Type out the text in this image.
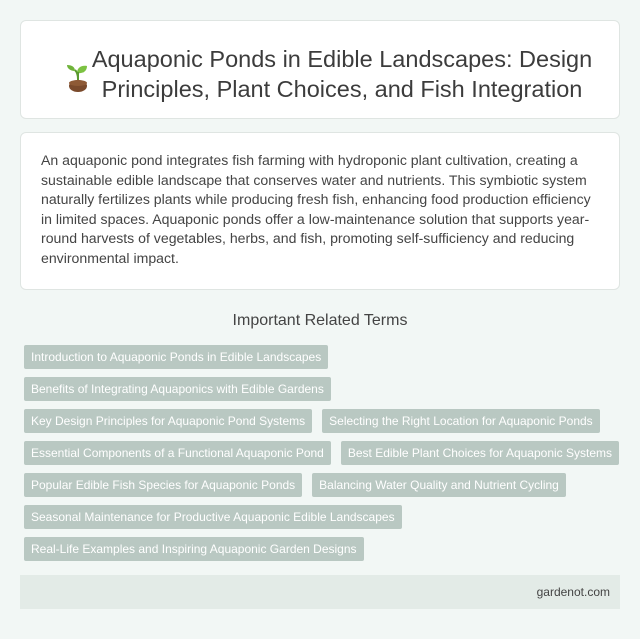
Aquaponic Ponds in Edible Landscapes: Design Principles, Plant Choices, and Fish Integration

An aquaponic pond integrates fish farming with hydroponic plant cultivation, creating a sustainable edible landscape that conserves water and nutrients. This symbiotic system naturally fertilizes plants while producing fresh fish, enhancing food production efficiency in limited spaces. Aquaponic ponds offer a low-maintenance solution that supports year-round harvests of vegetables, herbs, and fish, promoting self-sufficiency and reducing environmental impact.

Important Related Terms
Introduction to Aquaponic Ponds in Edible Landscapes
Benefits of Integrating Aquaponics with Edible Gardens
Key Design Principles for Aquaponic Pond Systems	Selecting the Right Location for Aquaponic Ponds
Essential Components of a Functional Aquaponic Pond	Best Edible Plant Choices for Aquaponic Systems
Popular Edible Fish Species for Aquaponic Ponds	Balancing Water Quality and Nutrient Cycling
Seasonal Maintenance for Productive Aquaponic Edible Landscapes
Real-Life Examples and Inspiring Aquaponic Garden Designs
gardenot.com
